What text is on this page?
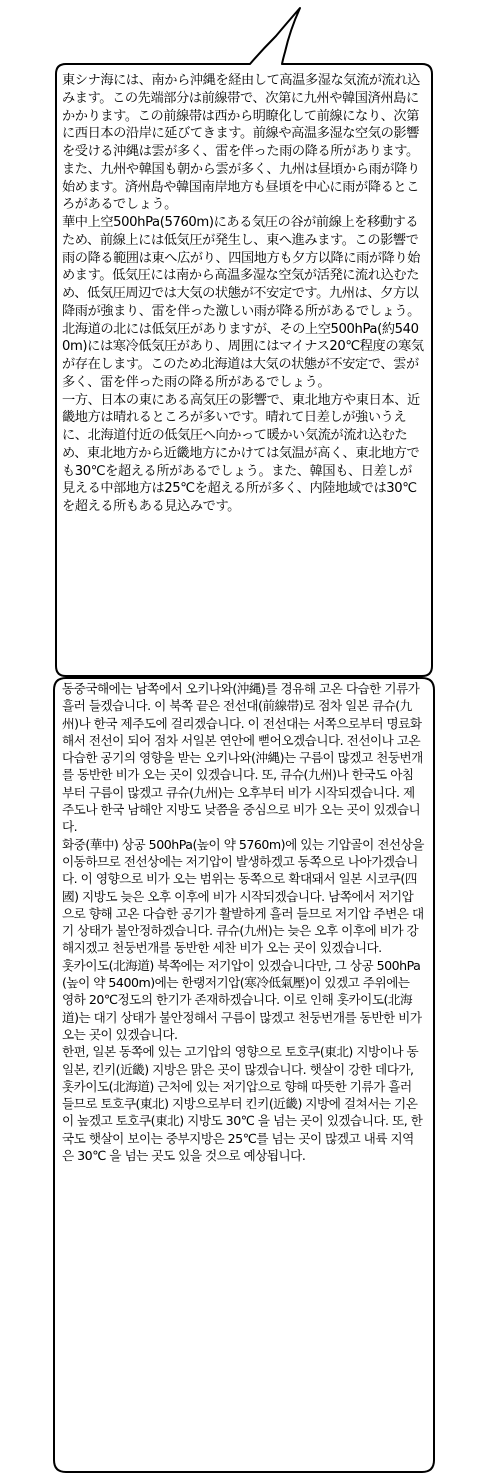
東シナ海には、南から沖縄を経由して高温多湿な気流が流れ込みます。この先端部分は前線帯で、次第に九州や韓国済州島にかかります。この前線帯は西から明瞭化して前線になり、次第に西日本の沿岸に延びてきます。前線や高温多湿な空気の影響を受ける沖縄は雲が多く、雷を伴った雨の降る所があります。また、九州や韓国も朝から雲が多く、九州は昼頃から雨が降り始めます。済州島や韓国南岸地方も昼頃を中心に雨が降るところがあるでしょう。

華中上空500hPa(5760m)にある気圧の谷が前線上を移動するため、前線上には低気圧が発生し、東へ進みます。この影響で雨の降る範囲は東へ広がり、四国地方も夕方以降に雨が降り始めます。低気圧には南から高温多湿な空気が活発に流れ込むため、低気圧周辺では大気の状態が不安定です。九州は、夕方以降雨が強まり、雷を伴った激しい雨が降る所があるでしょう。

北海道の北には低気圧がありますが、その上空500hPa(約5400m)には寒冷低気圧があり、周囲にはマイナス20℃程度の寒気が存在します。このため北海道は大気の状態が不安定で、雲が多く、雷を伴った雨の降る所があるでしょう。

一方、日本の東にある高気圧の影響で、東北地方や東日本、近畿地方は晴れるところが多いです。晴れて日差しが強いうえに、北海道付近の低気圧へ向かって暖かい気流が流れ込むため、東北地方から近畿地方にかけては気温が高く、東北地方でも30℃を超える所があるでしょう。また、韓国も、日差しが見える中部地方は25℃を超える所が多く、内陸地域では30℃を超える所もある見込みです。

동중국해에는 남쪽에서 오키나와(沖縄)를 경유해 고온 다습한 기류가 흘러 들겠습니다. 이 북쪽 끝은 전선대(前線帯)로 점차 일본 큐슈(九州)나 한국 제주도에 걸리겠습니다. 이 전선대는 서쪽으로부터 명료화해서 전선이 되어 점차 서일본 연안에 뻗어오겠습니다. 전선이나 고온 다습한 공기의 영향을 받는 오키나와(沖縄)는 구름이 많겠고 천둥번개를 동반한 비가 오는 곳이 있겠습니다. 또, 큐슈(九州)나 한국도 아침부터 구름이 많겠고 큐슈(九州)는 오후부터 비가 시작되겠습니다. 제주도나 한국 남해안 지방도 낮쯤을 중심으로 비가 오는 곳이 있겠습니다.

화중(華中) 상공 500hPa(높이 약 5760m)에 있는 기압골이 전선상을 이동하므로 전선상에는 저기압이 발생하겠고 동쪽으로 나아가겠습니다. 이 영향으로 비가 오는 범위는 동쪽으로 확대돼서 일본 시코쿠(四國) 지방도 늦은 오후 이후에 비가 시작되겠습니다. 남쪽에서 저기압으로 향해 고온 다습한 공기가 활발하게 흘러 들므로 저기압 주변은 대기 상태가 불안정하겠습니다. 큐슈(九州)는 늦은 오후 이후에 비가 강해지겠고 천둥번개를 동반한 세찬 비가 오는 곳이 있겠습니다.

홋카이도(北海道) 북쪽에는 저기압이 있겠습니다만, 그 상공 500hPa(높이 약 5400m)에는 한랭저기압(寒冷低氣壓)이 있겠고 주위에는 영하 20℃정도의 한기가 존재하겠습니다. 이로 인해 홋카이도(北海道)는 대기 상태가 불안정해서 구름이 많겠고 천둥번개를 동반한 비가 오는 곳이 있겠습니다.

한편, 일본 동쪽에 있는 고기압의 영향으로 토호쿠(東北) 지방이나 동일본, 킨키(近畿) 지방은 맑은 곳이 많겠습니다. 햇살이 강한 데다가, 홋카이도(北海道) 근처에 있는 저기압으로 향해 따뜻한 기류가 흘러 들므로 토호쿠(東北) 지방으로부터 킨키(近畿) 지방에 걸쳐서는 기온이 높겠고 토호쿠(東北) 지방도 30℃ 을 넘는 곳이 있겠습니다. 또, 한국도 햇살이 보이는 중부지방은 25℃를 넘는 곳이 많겠고 내륙 지역은 30℃ 을 넘는 곳도 있을 것으로 예상됩니다.
